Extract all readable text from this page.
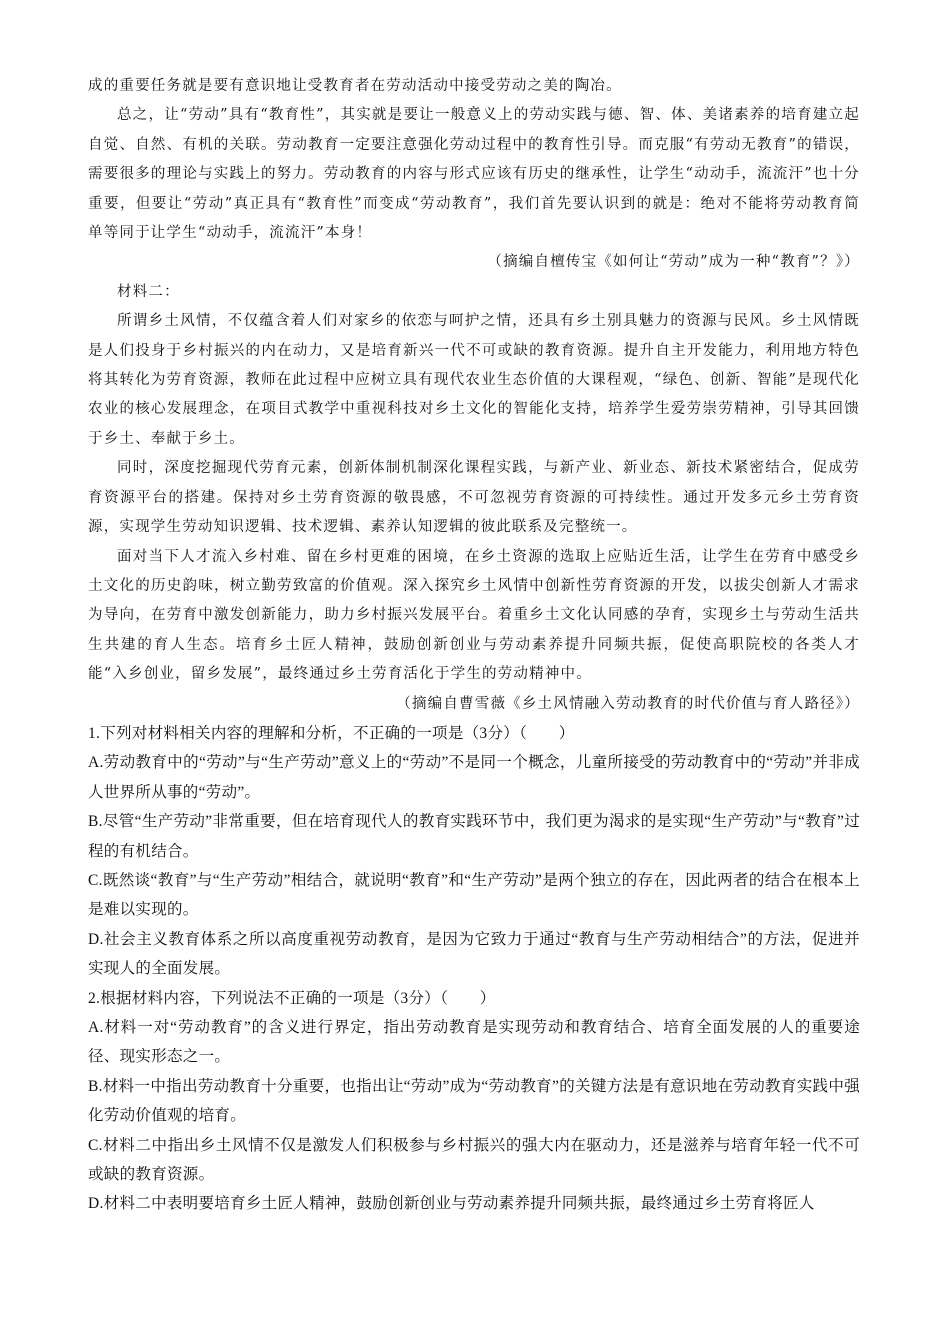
成的重要任务就是要有意识地让受教育者在劳动活动中接受劳动之美的陶冶。

总之，让“劳动”具有“教育性”，其实就是要让一般意义上的劳动实践与德、智、体、美诸素养的培育建立起自觉、自然、有机的关联。劳动教育一定要注意强化劳动过程中的教育性引导。而克服“有劳动无教育”的错误，需要很多的理论与实践上的努力。劳动教育的内容与形式应该有历史的继承性，让学生“动动手，流流汗”也十分重要，但要让“劳动”真正具有“教育性”而变成“劳动教育”，我们首先要认识到的就是：绝对不能将劳动教育简单等同于让学生“动动手，流流汗”本身！

（摘编自檀传宝《如何让“劳动”成为一种“教育”？》）

材料二：

所谓乡土风情，不仅蕴含着人们对家乡的依恋与呵护之情，还具有乡土别具魅力的资源与民风。乡土风情既是人们投身于乡村振兴的内在动力，又是培育新兴一代不可或缺的教育资源。提升自主开发能力，利用地方特色将其转化为劳育资源，教师在此过程中应树立具有现代农业生态价值的大课程观，“绿色、创新、智能”是现代化农业的核心发展理念，在项目式教学中重视科技对乡土文化的智能化支持，培养学生爱劳崇劳精神，引导其回馈于乡土、奉献于乡土。

同时，深度挖掘现代劳育元素，创新体制机制深化课程实践，与新产业、新业态、新技术紧密结合，促成劳育资源平台的搭建。保持对乡土劳育资源的敬畏感，不可忽视劳育资源的可持续性。通过开发多元乡土劳育资源，实现学生劳动知识逻辑、技术逻辑、素养认知逻辑的彼此联系及完整统一。

面对当下人才流入乡村难、留在乡村更难的困境，在乡土资源的选取上应贴近生活，让学生在劳育中感受乡土文化的历史韵味，树立勤劳致富的价值观。深入探究乡土风情中创新性劳育资源的开发，以拔尖创新人才需求为导向，在劳育中激发创新能力，助力乡村振兴发展平台。着重乡土文化认同感的孕育，实现乡土与劳动生活共生共建的育人生态。培育乡土匠人精神，鼓励创新创业与劳动素养提升同频共振，促使高职院校的各类人才能“入乡创业，留乡发展”，最终通过乡土劳育活化于学生的劳动精神中。

（摘编自曹雪薇《乡土风情融入劳动教育的时代价值与育人路径》）

1.下列对材料相关内容的理解和分析，不正确的一项是（3分）（　　）

A.劳动教育中的“劳动”与“生产劳动”意义上的“劳动”不是同一个概念，儿童所接受的劳动教育中的“劳动”并非成人世界所从事的“劳动”。

B.尽管“生产劳动”非常重要，但在培育现代人的教育实践环节中，我们更为渴求的是实现“生产劳动”与“教育”过程的有机结合。

C.既然谈“教育”与“生产劳动”相结合，就说明“教育”和“生产劳动”是两个独立的存在，因此两者的结合在根本上是难以实现的。

D.社会主义教育体系之所以高度重视劳动教育，是因为它致力于通过“教育与生产劳动相结合”的方法，促进并实现人的全面发展。

2.根据材料内容，下列说法不正确的一项是（3分）（　　）

A.材料一对“劳动教育”的含义进行界定，指出劳动教育是实现劳动和教育结合、培育全面发展的人的重要途径、现实形态之一。

B.材料一中指出劳动教育十分重要，也指出让“劳动”成为“劳动教育”的关键方法是有意识地在劳动教育实践中强化劳动价值观的培育。

C.材料二中指出乡土风情不仅是激发人们积极参与乡村振兴的强大内在驱动力，还是滋养与培育年轻一代不可或缺的教育资源。

D.材料二中表明要培育乡土匠人精神，鼓励创新创业与劳动素养提升同频共振，最终通过乡土劳育将匠人
